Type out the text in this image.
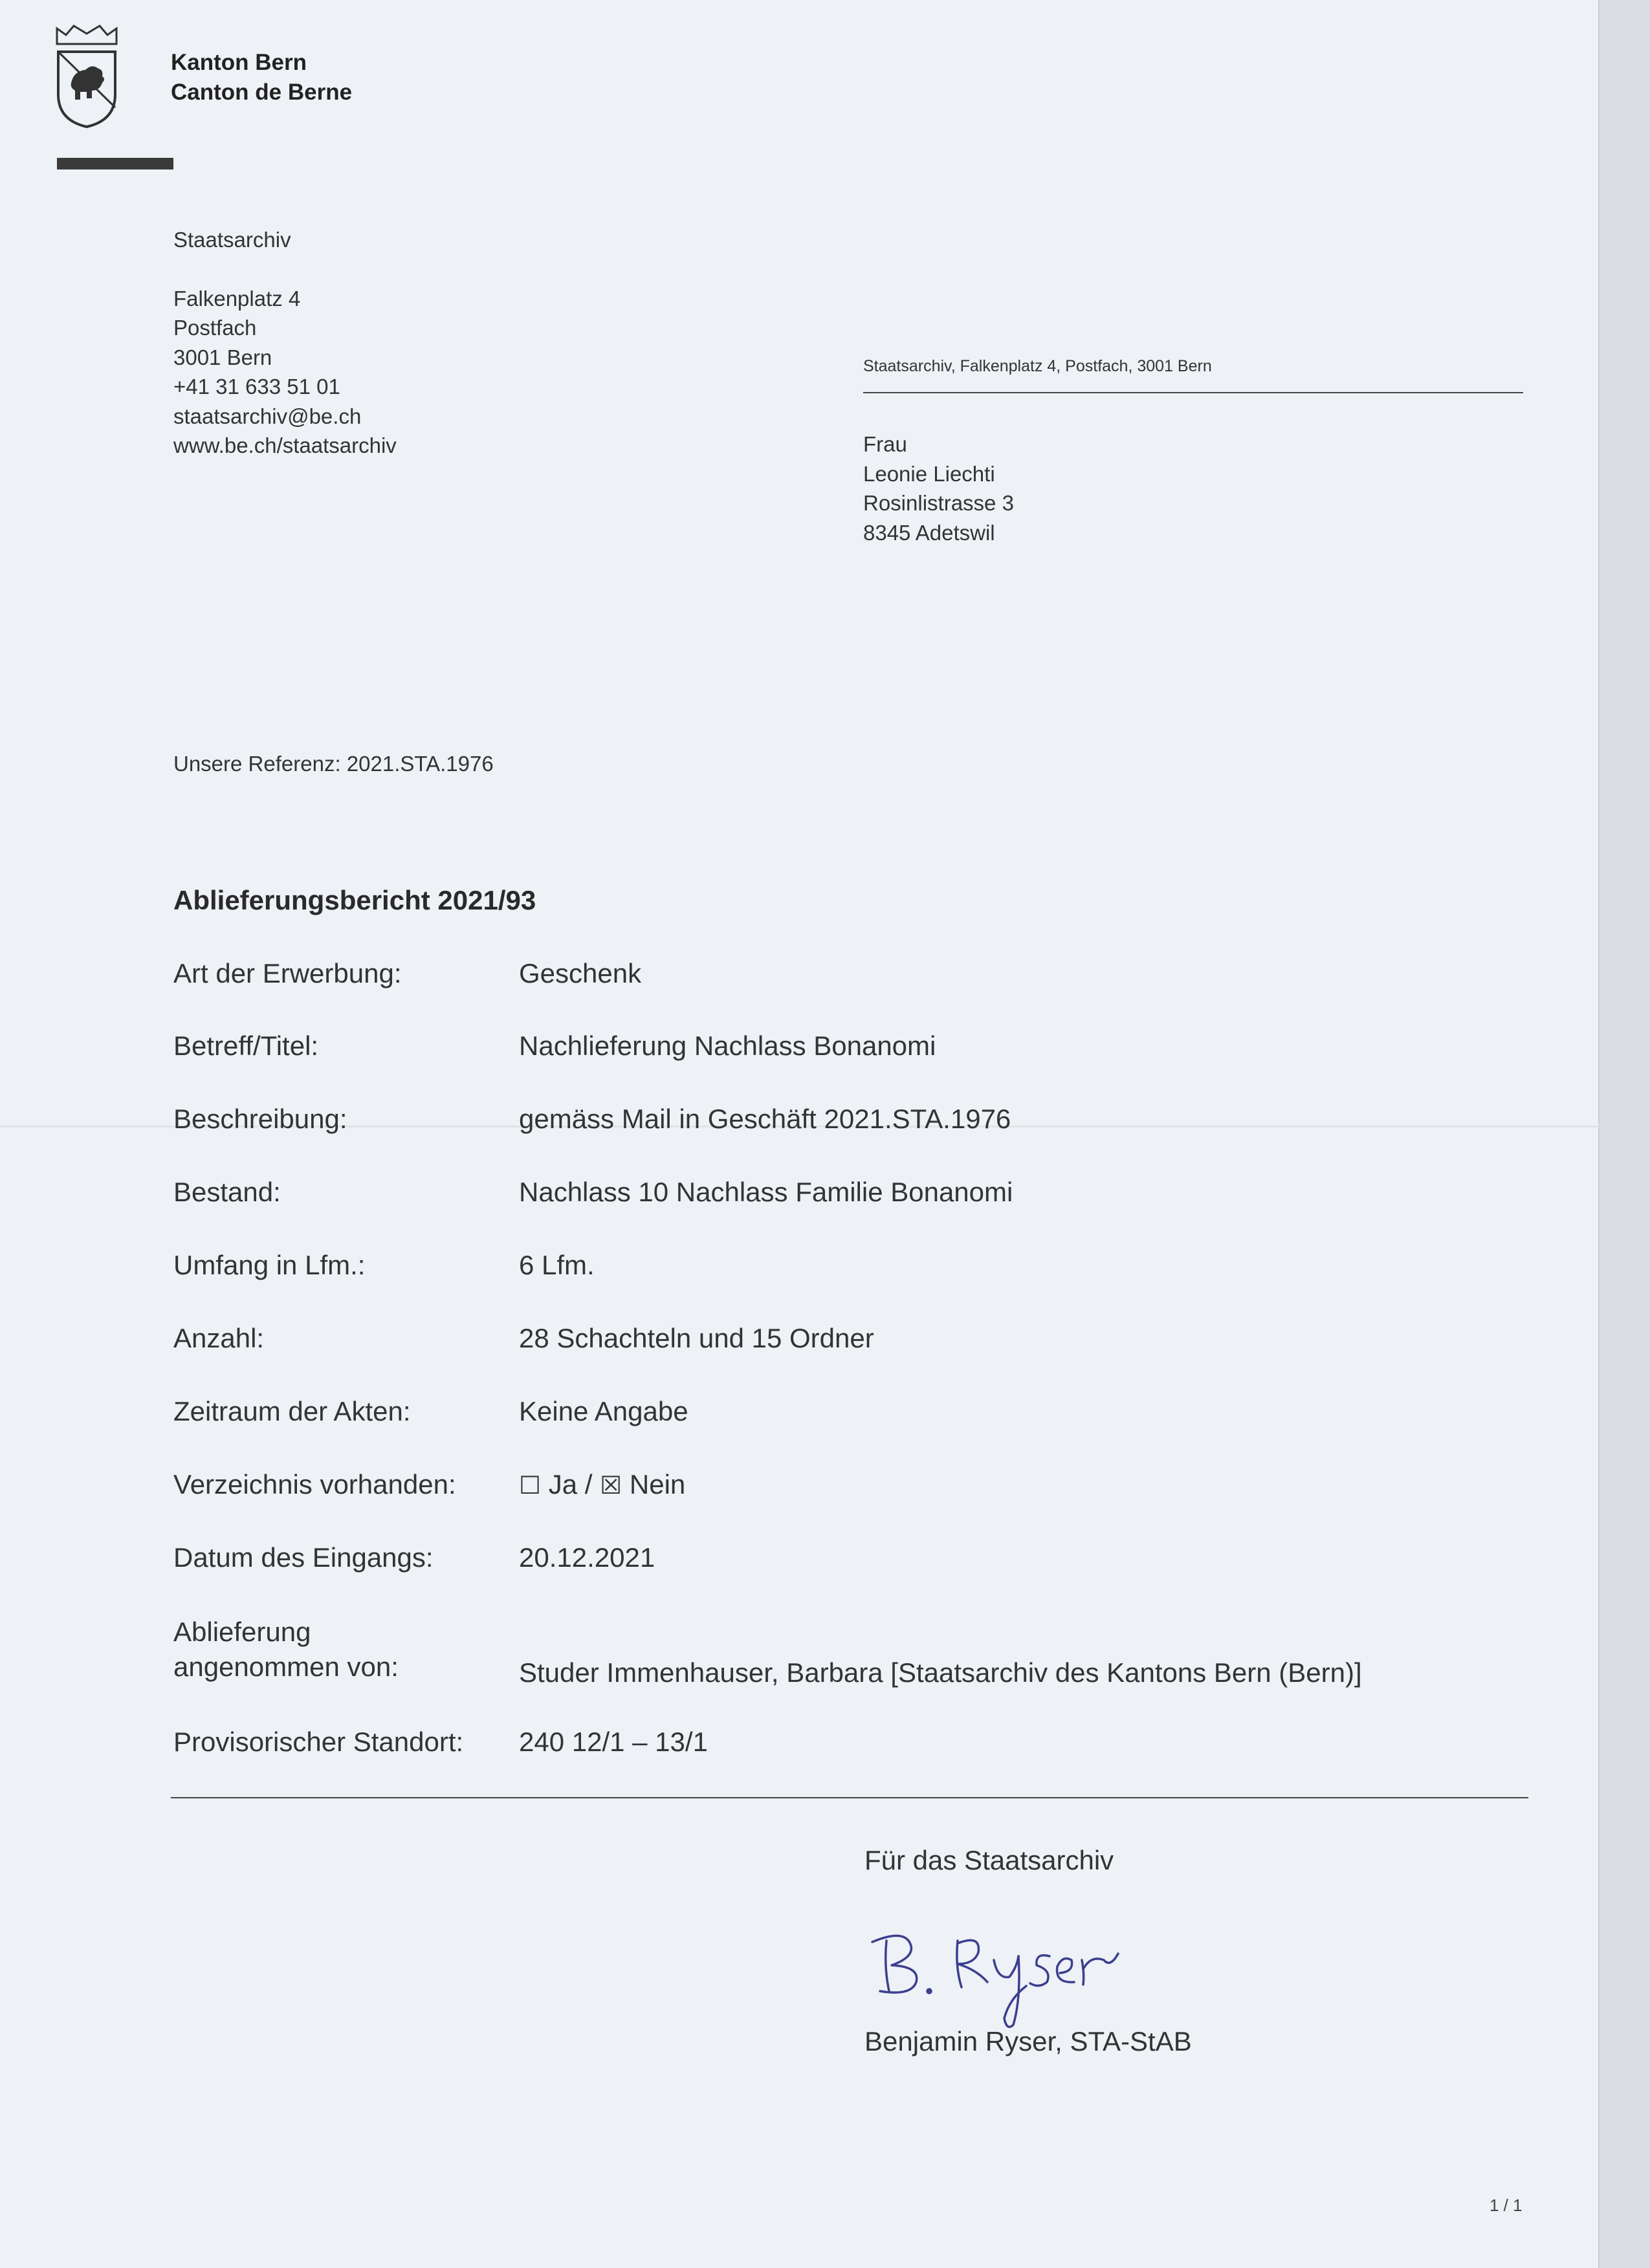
Kanton Bern
Canton de Berne
Staatsarchiv
Falkenplatz 4
Postfach
3001 Bern
+41 31 633 51 01
staatsarchiv@be.ch
www.be.ch/staatsarchiv
Staatsarchiv, Falkenplatz 4, Postfach, 3001 Bern
Frau
Leonie Liechti
Rosinlistrasse 3
8345 Adetswil
Unsere Referenz: 2021.STA.1976
Ablieferungsbericht 2021/93
Art der Erwerbung:	Geschenk
Betreff/Titel:	Nachlieferung Nachlass Bonanomi
Beschreibung:	gemäss Mail in Geschäft 2021.STA.1976
Bestand:	Nachlass 10 Nachlass Familie Bonanomi
Umfang in Lfm.:	6 Lfm.
Anzahl:	28 Schachteln und 15 Ordner
Zeitraum der Akten:	Keine Angabe
Verzeichnis vorhanden:	☐ Ja / ☒ Nein
Datum des Eingangs:	20.12.2021
Ablieferung
angenommen von:	Studer Immenhauser, Barbara [Staatsarchiv des Kantons Bern (Bern)]
Provisorischer Standort: 240 12/1 – 13/1
Für das Staatsarchiv
Benjamin Ryser, STA-StAB
1 / 1
